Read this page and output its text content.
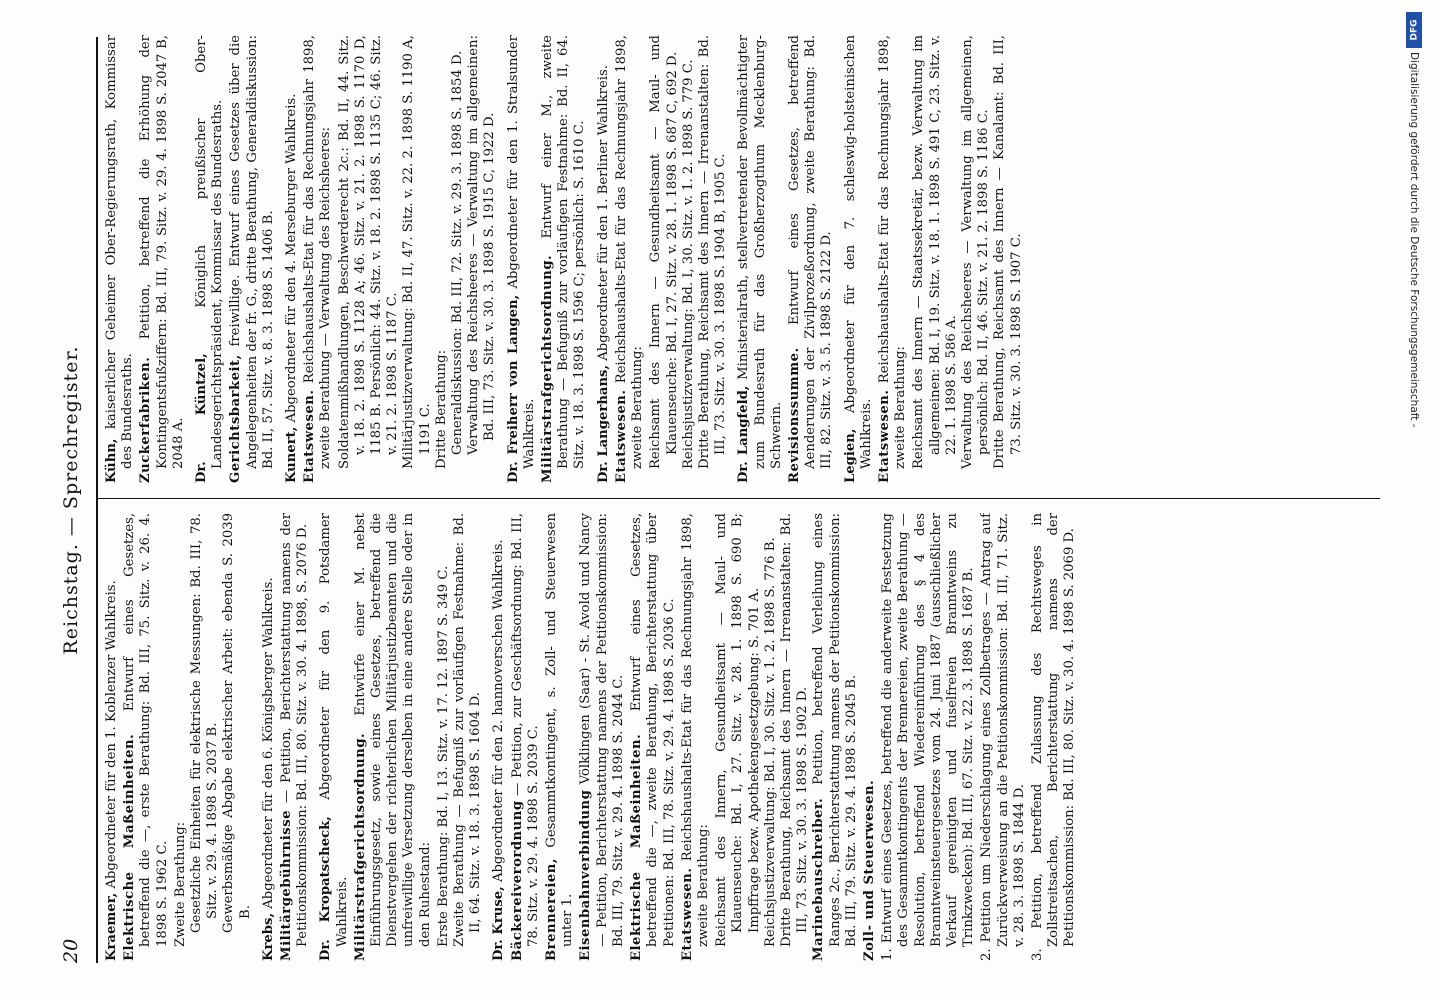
20
Reichstag. — Sprechregister.

Kraemer, Abgeordneter für den 1. Koblenzer Wahlkreis. Elektrische Maßeinheiten. Entwurf eines Gesetzes, betreffend die —, erste Berathung: Bd. III, 75. Sitz. v. 26. 4. 1898 S. 1962 C. Zweite Berathung: Gesetzliche Einheiten für elektrische Messungen: Bd. III, 78. Sitz. v. 29. 4. 1898 S. 2037 B. Gewerbsmäßige Abgabe elektrischer Arbeit: ebenda S. 2039 B.

Krebs, Abgeordneter für den 6. Königsberger Wahlkreis. Militärgebührnisse — Petition, Berichterstattung namens der Petitionskommission: Bd. III, 80. Sitz. v. 30. 4. 1898, S. 2076 D. Dr. Kropatscheck, Abgeordneter für den 9. Potsdamer Wahlkreis. Militärstrafgerichtsordnung. Entwürfe einer M. nebst Einführungsgesetz, sowie eines Gesetzes, betreffend die Dienstvergehen der richterlichen Militärjustizbeamten und die unfreiwillige Versetzung derselben in eine andere Stelle oder in den Ruhestand: Erste Berathung: Bd. I, 13. Sitz. v. 17. 12. 1897 S. 349 C. Zweite Berathung — Befugniß zur vorläufigen Festnahme: Bd. II, 64. Sitz. v. 18. 3. 1898 S. 1604 D. Dr. Kruse, Abgeordneter für den 2. hannoverschen Wahlkreis. Bäckereiverordnung — Petition, zur Geschäftsordnung: Bd. III, 78. Sitz. v. 29. 4. 1898 S. 2039 C. Brennereien, Gesammtkontingent, s. Zoll- und Steuerwesen unter 1. Eisenbahnverbindung Völklingen (Saar) - St. Avold und Nancy — Petition, Berichterstattung namens der Petitionskommission: Bd. III, 79. Sitz. v. 29. 4. 1898 S. 2044 C. Elektrische Maßeinheiten. Entwurf eines Gesetzes, betreffend die —, zweite Berathung, Berichterstattung über Petitionen: Bd. III, 78. Sitz. v. 29. 4. 1898 S. 2036 C. Etatswesen. Reichshaushalts-Etat für das Rechnungsjahr 1898, zweite Berathung: Reichsamt des Innern, Gesundheitsamt — Maul- und Klauenseuche: Bd. I, 27. Sitz. v. 28. 1. 1898 S. 690 B; Impffrage bezw. Apothekengesetzgebung: S. 701 A. Reichsjustizverwaltung: Bd. I, 30. Sitz. v. 1. 2. 1898 S. 776 B. Dritte Berathung, Reichsamt des Innern — Irrenanstalten: Bd. III, 73. Sitz. v. 30. 3. 1898 S. 1902 D. Marinebauschreiber. Petition, betreffend Verleihung eines Ranges 2c., Berichterstattung namens der Petitionskommission: Bd. III, 79. Sitz. v. 29. 4. 1898 S. 2045 B. Zoll- und Steuerwesen. 1. Entwurf eines Gesetzes, betreffend die anderweite Festsetzung des Gesammtkontingents der Brennereien, zweite Berathung — Resolution, betreffend Wiedereinführung des § 4 des Branntweinsteuergesetzes vom 24. Juni 1887 (ausschließlicher Verkauf gereinigten und fuselfreien Branntweins zu Trinkzwecken): Bd. III, 67. Sitz. v. 22. 3. 1898 S. 1687 B. 2. Petition um Niederschlagung eines Zollbetrages — Antrag auf Zurückverweisung an die Petitionskommission: Bd. III, 71. Sitz. v. 28. 3. 1898 S. 1844 D. 3. Petition, betreffend Zulassung des Rechtsweges in Zollstreitsachen, Berichterstattung namens der Petitionskommission: Bd. III, 80. Sitz. v. 30. 4. 1898 S. 2069 D.

Kühn, kaiserlicher Geheimer Ober-Regierungsrath, Kommissar des Bundesraths. Zuckerfabriken. Petition, betreffend die Erhöhung der Kontingentsfußziffern: Bd. III, 79. Sitz. v. 29. 4. 1898 S. 2047 B, 2048 A. Dr. Küntzel, Königlich preußischer Ober-Landesgerichtspräsident, Kommissar des Bundesraths. Gerichtsbarkeit, freiwillige. Entwurf eines Gesetzes über die Angelegenheiten der fr. G., dritte Berathung, Generaldiskussion: Bd. II, 57. Sitz. v. 8. 3. 1898 S. 1406 B. Kunert, Abgeordneter für den 4. Merseburger Wahlkreis.

Etatswesen. Reichshaushalts-Etat für das Rechnungsjahr 1898, zweite Berathung — Verwaltung des Reichsheeres: Soldatenmißhandlungen, Beschwerderecht 2c.: Bd. II, 44. Sitz. v. 18. 2. 1898 S. 1128 A; 46. Sitz. v. 21. 2. 1898 S. 1170 D, 1185 B. Persönlich: 44. Sitz. v. 18. 2. 1898 S. 1135 C; 46. Sitz. v. 21. 2. 1898 S. 1187 C. Militärjustizverwaltung: Bd. II, 47. Sitz. v. 22. 2. 1898 S. 1190 A, 1191 C. Dritte Berathung: Generaldiskussion: Bd. III, 72. Sitz. v. 29. 3. 1898 S. 1854 D. Verwaltung des Reichsheeres — Verwaltung im allgemeinen: Bd. III, 73. Sitz. v. 30. 3. 1898 S. 1915 C, 1922 D. Dr. Freiherr von Langen, Abgeordneter für den 1. Stralsunder Wahlkreis. Militärstrafgerichtsordnung. Entwurf einer M., zweite Berathung — Befugniß zur vorläufigen Festnahme: Bd. II, 64. Sitz. v. 18. 3. 1898 S. 1596 C; persönlich: S. 1610 C. Dr. Langerhans, Abgeordneter für den 1. Berliner Wahlkreis.

Etatswesen. Reichshaushalts-Etat für das Rechnungsjahr 1898, zweite Berathung: Reichsamt des Innern — Gesundheitsamt — Maul- und Klauenseuche: Bd. I, 27. Sitz. v. 28. 1. 1898 S. 687 C, 692 D. Reichsjustizverwaltung: Bd. I, 30. Sitz. v. 1. 2. 1898 S. 779 C. Dritte Berathung, Reichsamt des Innern — Irrenanstalten: Bd. III, 73. Sitz. v. 30. 3. 1898 S. 1904 B, 1905 C. Dr. Langfeld, Ministerialrath, stellvertretender Bevollmächtigter zum Bundesrath für das Großherzogthum Mecklenburg-Schwerin. Revisionssumme. Entwurf eines Gesetzes, betreffend Aenderungen der Zivilprozeßordnung, zweite Berathung: Bd. III, 82. Sitz. v. 3. 5. 1898 S. 2122 D. Legien, Abgeordneter für den 7. schleswig-holsteinischen Wahlkreis. Etatswesen. Reichshaushalts-Etat für das Rechnungsjahr 1898, zweite Berathung: Reichsamt des Innern — Staatssekretär, bezw. Verwaltung im allgemeinen: Bd. I, 19. Sitz. v. 18. 1. 1898 S. 491 C, 23. Sitz. v. 22. 1. 1898 S. 586 A. Verwaltung des Reichsheeres — Verwaltung im allgemeinen, persönlich: Bd. II, 46. Sitz. v. 21. 2. 1898 S. 1186 C. Dritte Berathung, Reichsamt des Innern — Kanalamt: Bd. III, 73. Sitz. v. 30. 3. 1898 S. 1907 C.

DFG
Digitalisierung gefördert durch die Deutsche Forschungsgemeinschaft -
